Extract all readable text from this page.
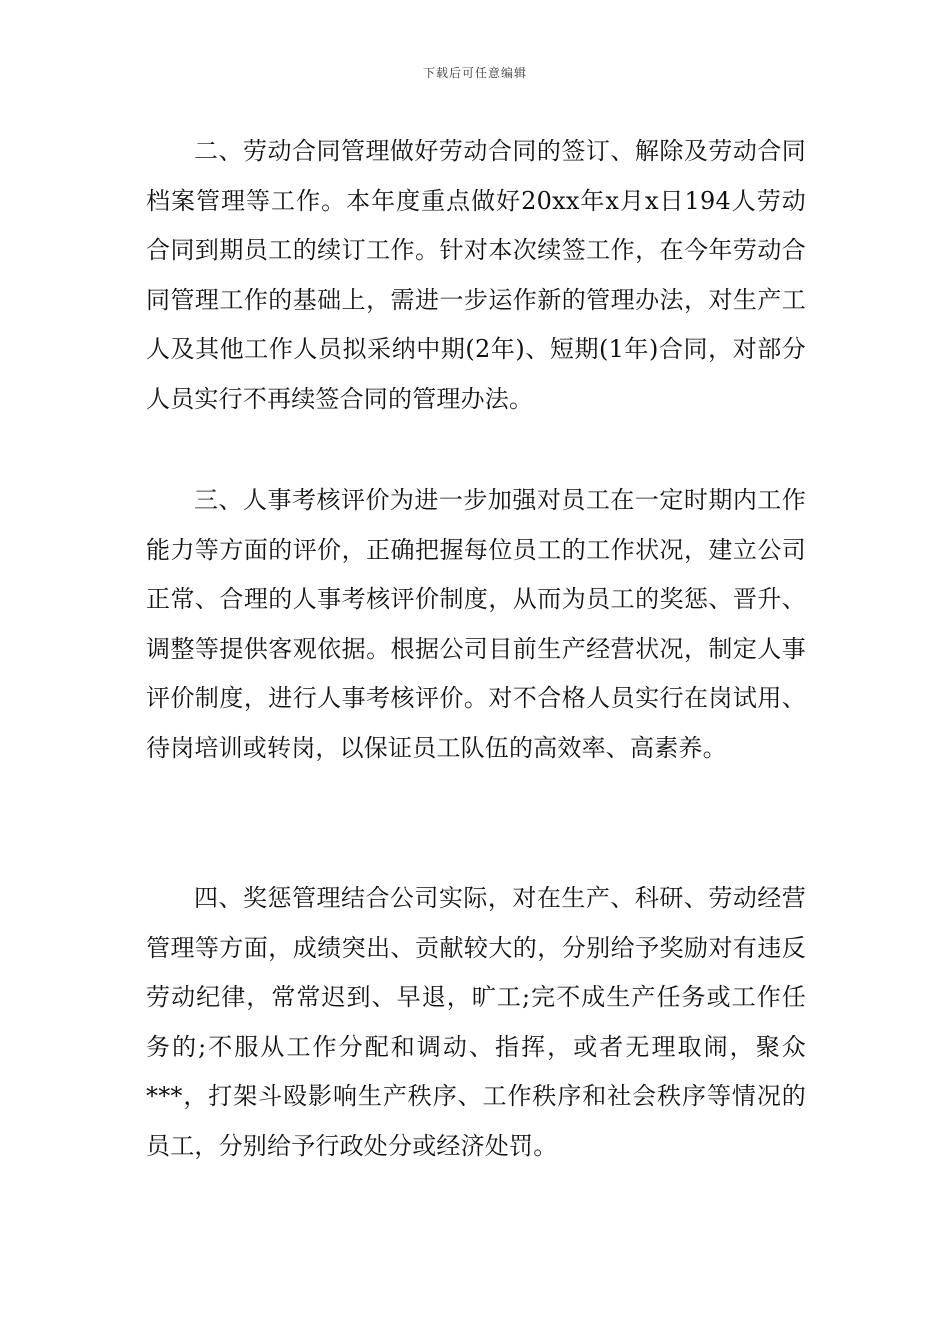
下载后可任意编辑

二、劳动合同管理做好劳动合同的签订、解除及劳动合同档案管理等工作。本年度重点做好20xx年x月x日194人劳动合同到期员工的续订工作。针对本次续签工作，在今年劳动合同管理工作的基础上，需进一步运作新的管理办法，对生产工人及其他工作人员拟采纳中期(2年)、短期(1年)合同，对部分人员实行不再续签合同的管理办法。

三、人事考核评价为进一步加强对员工在一定时期内工作能力等方面的评价，正确把握每位员工的工作状况，建立公司正常、合理的人事考核评价制度，从而为员工的奖惩、晋升、调整等提供客观依据。根据公司目前生产经营状况，制定人事评价制度，进行人事考核评价。对不合格人员实行在岗试用、待岗培训或转岗，以保证员工队伍的高效率、高素养。

四、奖惩管理结合公司实际，对在生产、科研、劳动经营管理等方面，成绩突出、贡献较大的，分别给予奖励对有违反劳动纪律，常常迟到、早退，旷工;完不成生产任务或工作任务的;不服从工作分配和调动、指挥，或者无理取闹，聚众***，打架斗殴影响生产秩序、工作秩序和社会秩序等情况的员工，分别给予行政处分或经济处罚。
